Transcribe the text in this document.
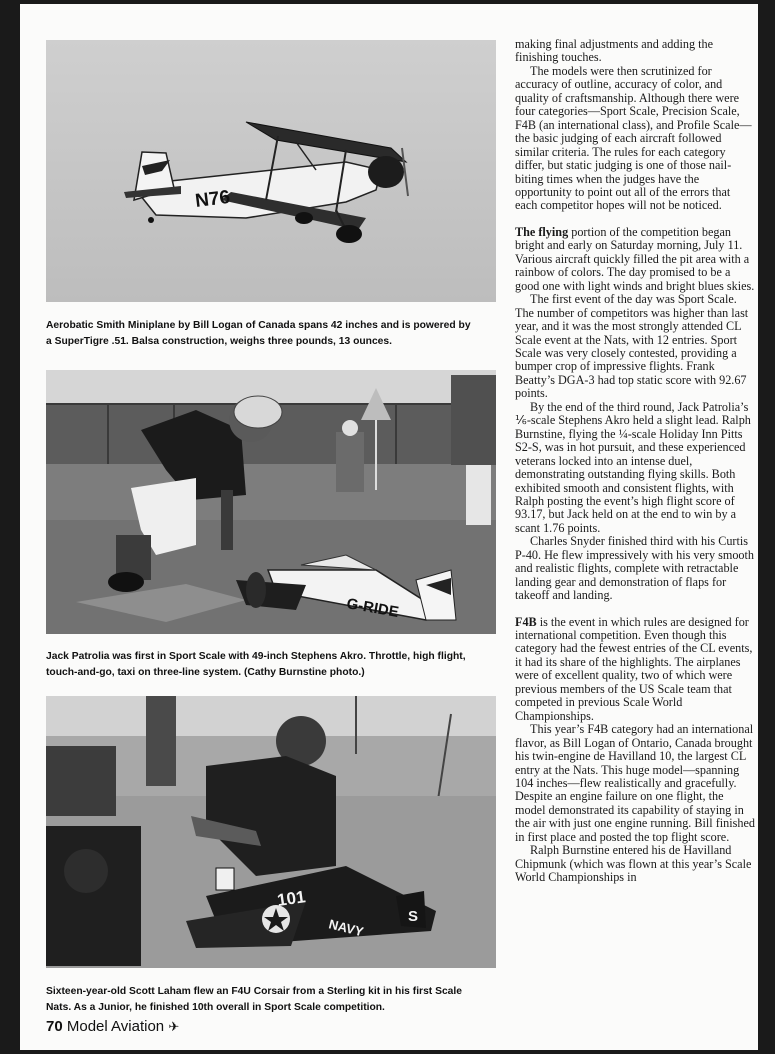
N76
Aerobatic Smith Miniplane by Bill Logan of Canada spans 42 inches and is powered by
a SuperTigre .51. Balsa construction, weighs three pounds, 13 ounces.
G-RIDE
Jack Patrolia was first in Sport Scale with 49-inch Stephens Akro. Throttle, high flight,
touch-and-go, taxi on three-line system. (Cathy Burnstine photo.)
101
NAVY	S
Sixteen-year-old Scott Laham flew an F4U Corsair from a Sterling kit in his first Scale
Nats. As a Junior, he finished 10th overall in Sport Scale competition.

making final adjustments and adding the finishing touches.

The models were then scrutinized for accuracy of outline, accuracy of color, and quality of craftsmanship. Although there were four categories—Sport Scale, Precision Scale, F4B (an international class), and Profile Scale—the basic judging of each aircraft followed similar criteria. The rules for each category differ, but static judging is one of those nail-biting times when the judges have the opportunity to point out all of the errors that each competitor hopes will not be noticed.

The flying portion of the competition began bright and early on Saturday morning, July 11. Various aircraft quickly filled the pit area with a rainbow of colors. The day promised to be a good one with light winds and bright blues skies.

The first event of the day was Sport Scale. The number of competitors was higher than last year, and it was the most strongly attended CL Scale event at the Nats, with 12 entries. Sport Scale was very closely contested, providing a bumper crop of impressive flights. Frank Beatty’s DGA-3 had top static score with 92.67 points.

By the end of the third round, Jack Patrolia’s ⅙-scale Stephens Akro held a slight lead. Ralph Burnstine, flying the ¼-scale Holiday Inn Pitts S2-S, was in hot pursuit, and these experienced veterans locked into an intense duel, demonstrating outstanding flying skills. Both exhibited smooth and consistent flights, with Ralph posting the event’s high flight score of 93.17, but Jack held on at the end to win by a scant 1.76 points.

Charles Snyder finished third with his Curtis P-40. He flew impressively with his very smooth and realistic flights, complete with retractable landing gear and demonstration of flaps for takeoff and landing.

F4B is the event in which rules are designed for international competition. Even though this category had the fewest entries of the CL events, it had its share of the highlights. The airplanes were of excellent quality, two of which were previous members of the US Scale team that competed in previous Scale World Championships.

This year’s F4B category had an international flavor, as Bill Logan of Ontario, Canada brought his twin-engine de Havilland 10, the largest CL entry at the Nats. This huge model—spanning 104 inches—flew realistically and gracefully. Despite an engine failure on one flight, the model demonstrated its capability of staying in the air with just one engine running. Bill finished in first place and posted the top flight score.

Ralph Burnstine entered his de Havilland Chipmunk (which was flown at this year’s Scale World Championships in

70 Model Aviation ✈
